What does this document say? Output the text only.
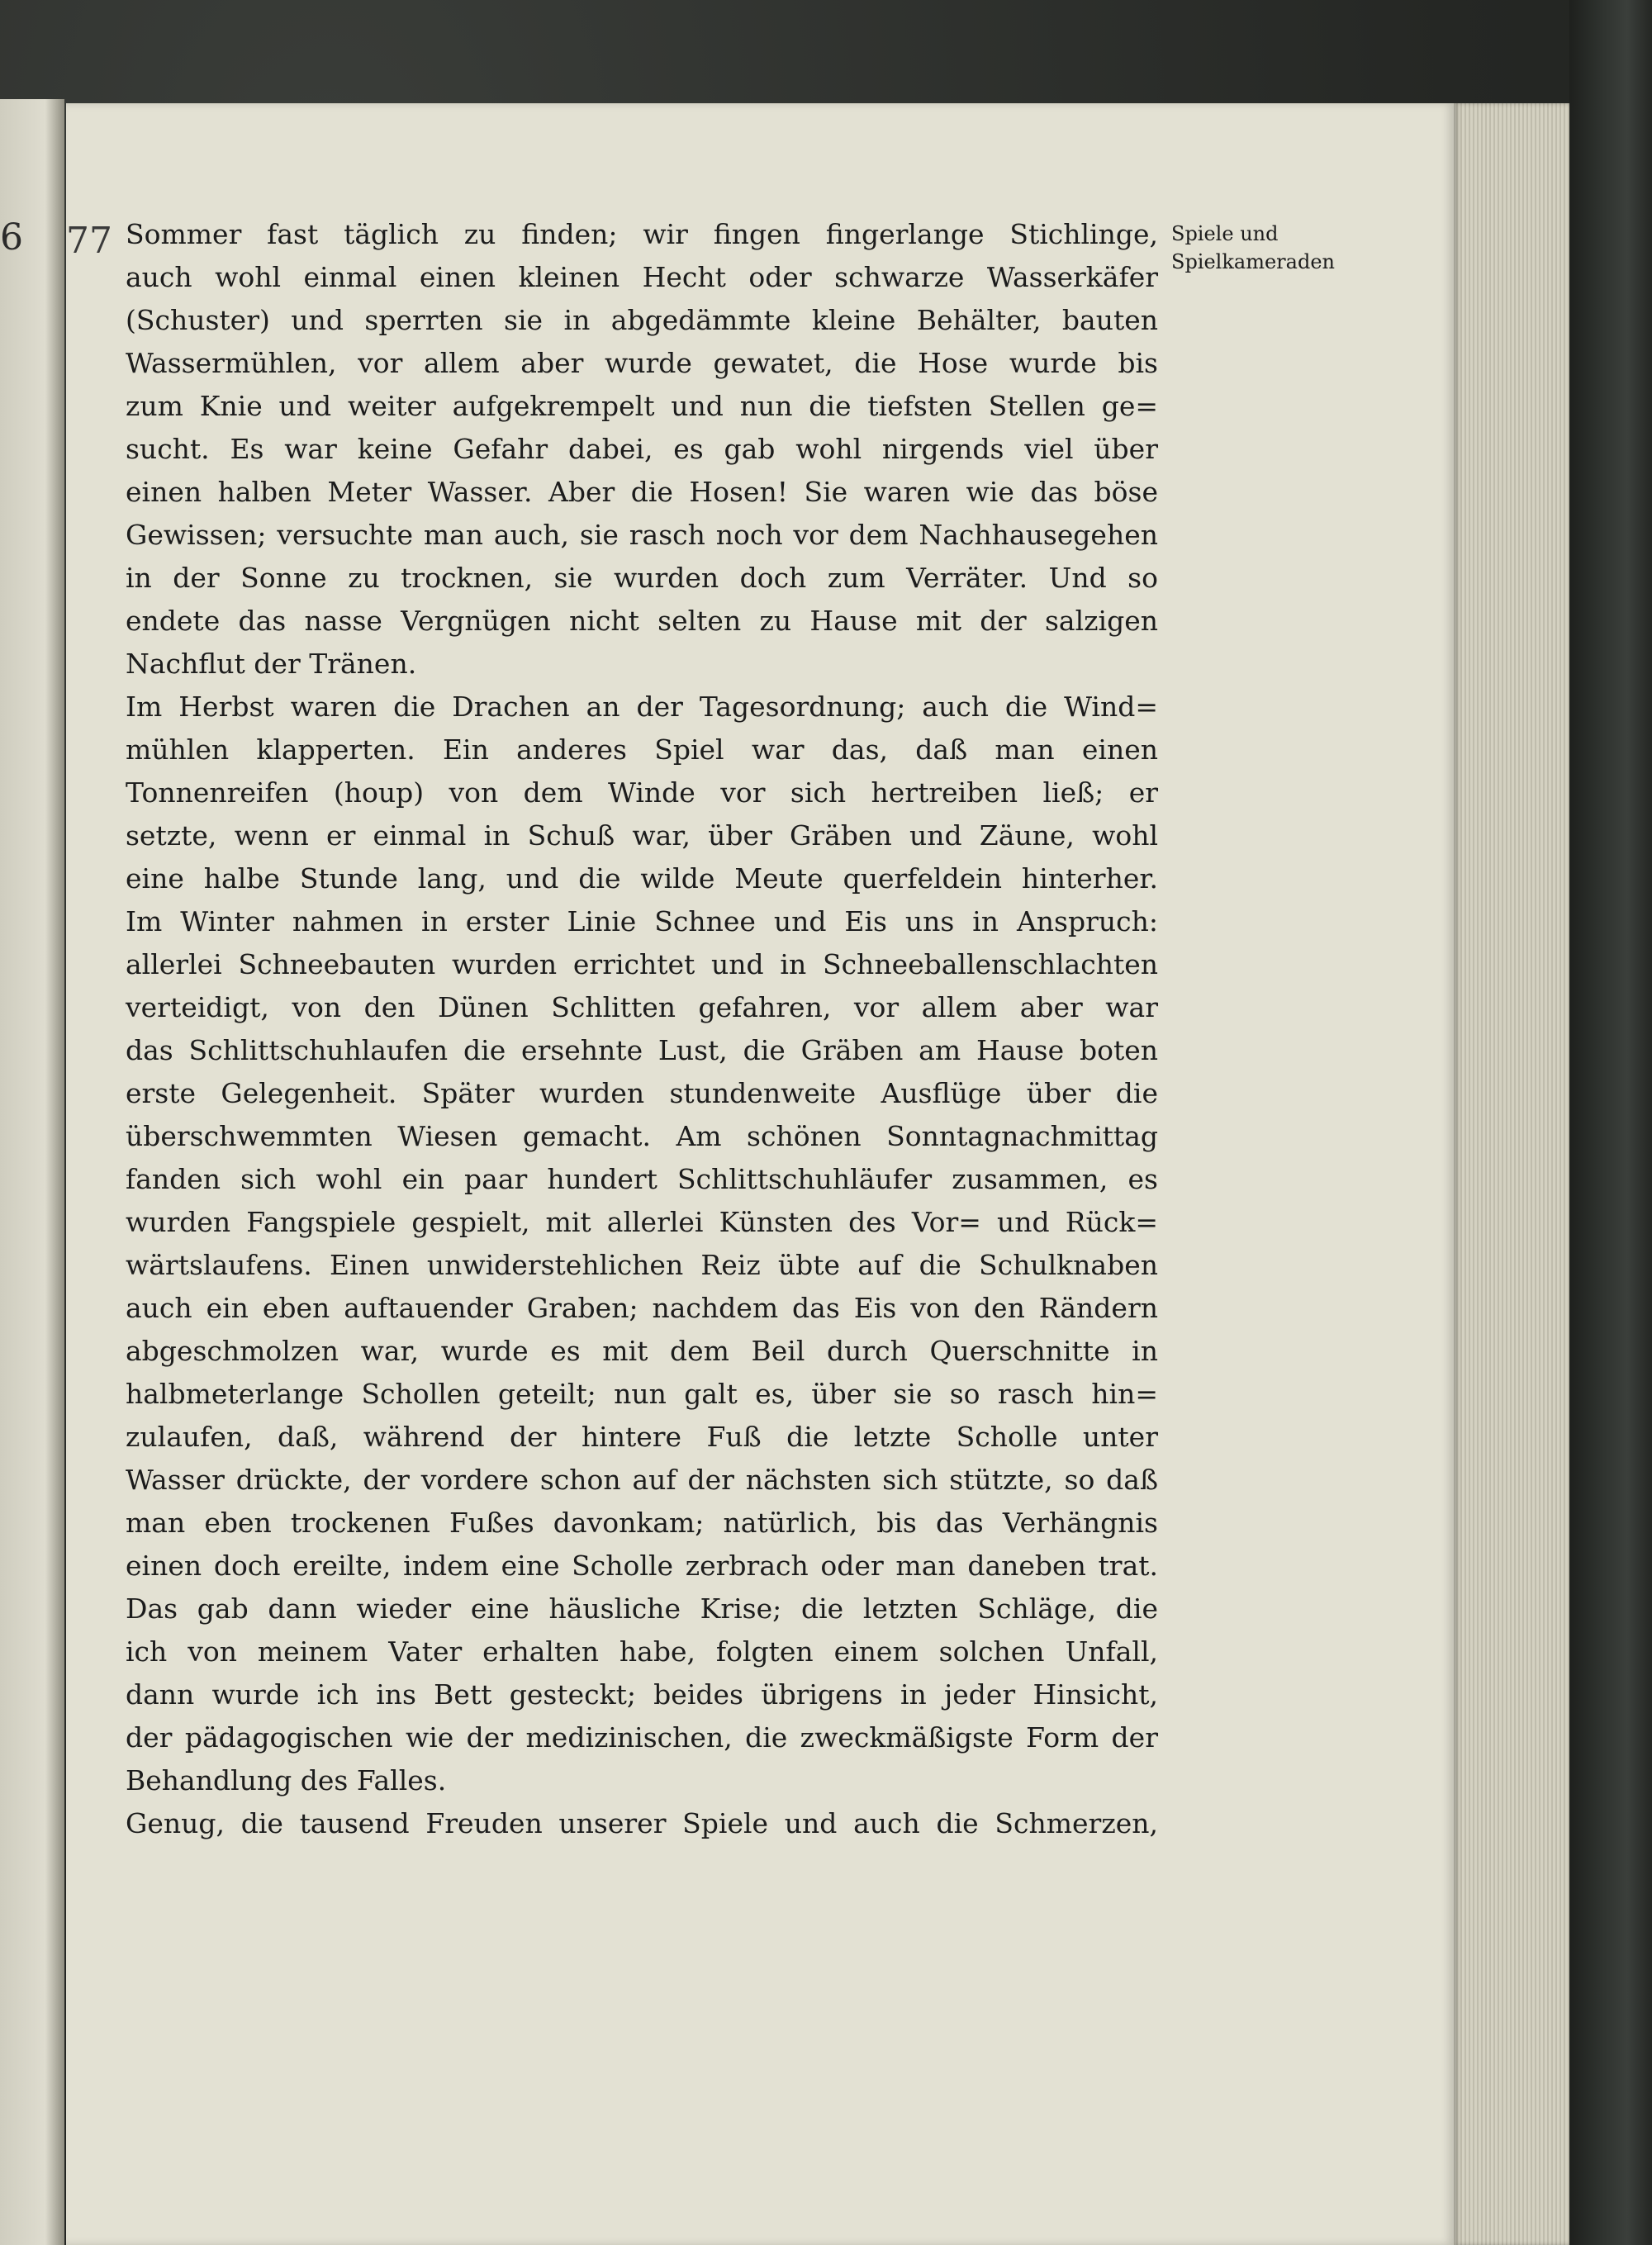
6 77 Sommer fast täglich zu finden; wir fingen fingerlange Stichlinge,
auch wohl einmal einen kleinen Hecht oder schwarze Wasserkäfer
(Schuster) und sperrten sie in abgedämmte kleine Behälter, bauten
Wassermühlen, vor allem aber wurde gewatet, die Hose wurde bis
zum Knie und weiter aufgekrempelt und nun die tiefsten Stellen ge=
sucht. Es war keine Gefahr dabei, es gab wohl nirgends viel über
einen halben Meter Wasser. Aber die Hosen! Sie waren wie das böse
Gewissen; versuchte man auch, sie rasch noch vor dem Nachhausegehen
in der Sonne zu trocknen, sie wurden doch zum Verräter. Und so
endete das nasse Vergnügen nicht selten zu Hause mit der salzigen
Nachflut der Tränen.
Im Herbst waren die Drachen an der Tagesordnung; auch die Wind=
mühlen klapperten. Ein anderes Spiel war das, daß man einen
Tonnenreifen (houp) von dem Winde vor sich hertreiben ließ; er
setzte, wenn er einmal in Schuß war, über Gräben und Zäune, wohl
eine halbe Stunde lang, und die wilde Meute querfeldein hinterher.
Im Winter nahmen in erster Linie Schnee und Eis uns in Anspruch:
allerlei Schneebauten wurden errichtet und in Schneeballenschlachten
verteidigt, von den Dünen Schlitten gefahren, vor allem aber war
das Schlittschuhlaufen die ersehnte Lust, die Gräben am Hause boten
erste Gelegenheit. Später wurden stundenweite Ausflüge über die
überschwemmten Wiesen gemacht. Am schönen Sonntagnachmittag
fanden sich wohl ein paar hundert Schlittschuhläufer zusammen, es
wurden Fangspiele gespielt, mit allerlei Künsten des Vor= und Rück=
wärtslaufens. Einen unwiderstehlichen Reiz übte auf die Schulknaben
auch ein eben auftauender Graben; nachdem das Eis von den Rändern
abgeschmolzen war, wurde es mit dem Beil durch Querschnitte in
halbmeterlange Schollen geteilt; nun galt es, über sie so rasch hin=
zulaufen, daß, während der hintere Fuß die letzte Scholle unter
Wasser drückte, der vordere schon auf der nächsten sich stützte, so daß
man eben trockenen Fußes davonkam; natürlich, bis das Verhängnis
einen doch ereilte, indem eine Scholle zerbrach oder man daneben trat.
Das gab dann wieder eine häusliche Krise; die letzten Schläge, die
ich von meinem Vater erhalten habe, folgten einem solchen Unfall,
dann wurde ich ins Bett gesteckt; beides übrigens in jeder Hinsicht,
der pädagogischen wie der medizinischen, die zweckmäßigste Form der
Behandlung des Falles.
Genug, die tausend Freuden unserer Spiele und auch die Schmerzen,
Spiele und
Spielkameraden
